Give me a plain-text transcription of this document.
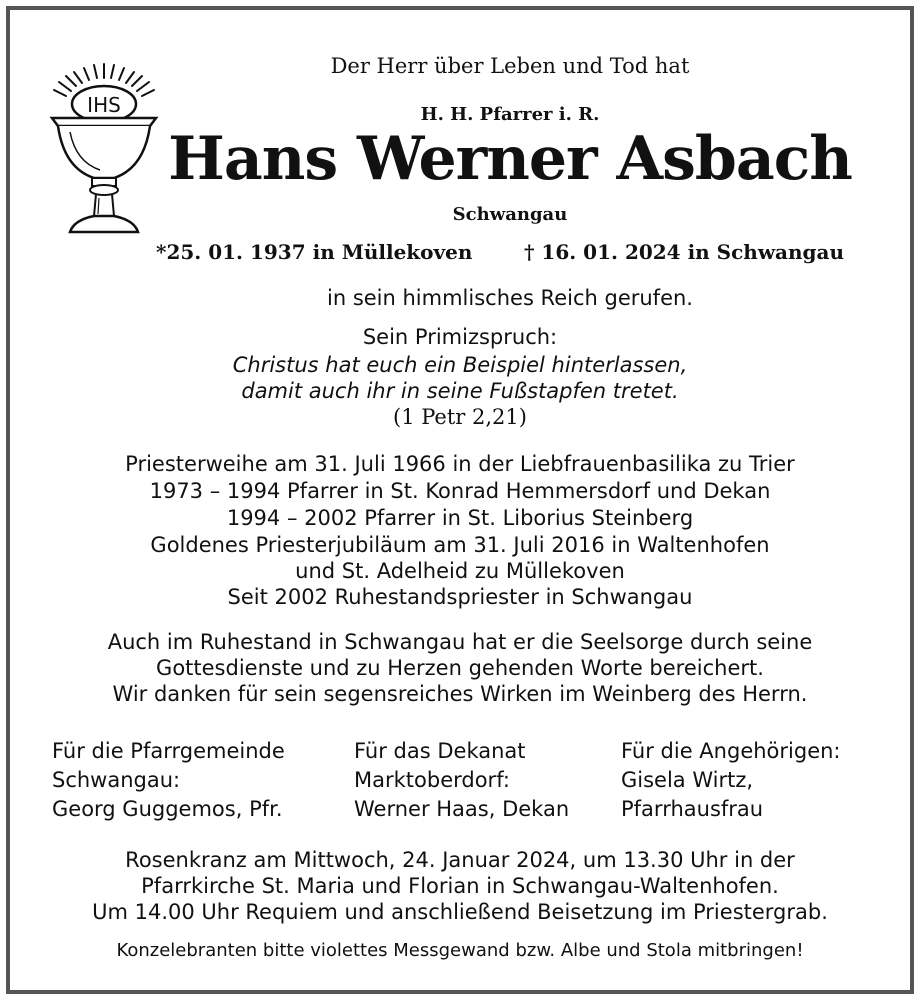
IHS
Der Herr über Leben und Tod hat
H. H. Pfarrer i. R.
Hans Werner Asbach
Schwangau
*25. 01. 1937 in Müllekoven	† 16. 01. 2024 in Schwangau
in sein himmlisches Reich gerufen.
Sein Primizspruch:
Christus hat euch ein Beispiel hinterlassen,
damit auch ihr in seine Fußstapfen tretet.
(1 Petr 2,21)
Priesterweihe am 31. Juli 1966 in der Liebfrauenbasilika zu Trier
1973 – 1994 Pfarrer in St. Konrad Hemmersdorf und Dekan
1994 – 2002 Pfarrer in St. Liborius Steinberg
Goldenes Priesterjubiläum am 31. Juli 2016 in Waltenhofen
und St. Adelheid zu Müllekoven
Seit 2002 Ruhestandspriester in Schwangau
Auch im Ruhestand in Schwangau hat er die Seelsorge durch seine
Gottesdienste und zu Herzen gehenden Worte bereichert.
Wir danken für sein segensreiches Wirken im Weinberg des Herrn.
Für die Pfarrgemeinde
Schwangau:
Georg Guggemos, Pfr.
Für das Dekanat
Marktoberdorf:
Werner Haas, Dekan
Für die Angehörigen:
Gisela Wirtz,
Pfarrhausfrau
Rosenkranz am Mittwoch, 24. Januar 2024, um 13.30 Uhr in der
Pfarrkirche St. Maria und Florian in Schwangau-Waltenhofen.
Um 14.00 Uhr Requiem und anschließend Beisetzung im Priestergrab.
Konzelebranten bitte violettes Messgewand bzw. Albe und Stola mitbringen!
